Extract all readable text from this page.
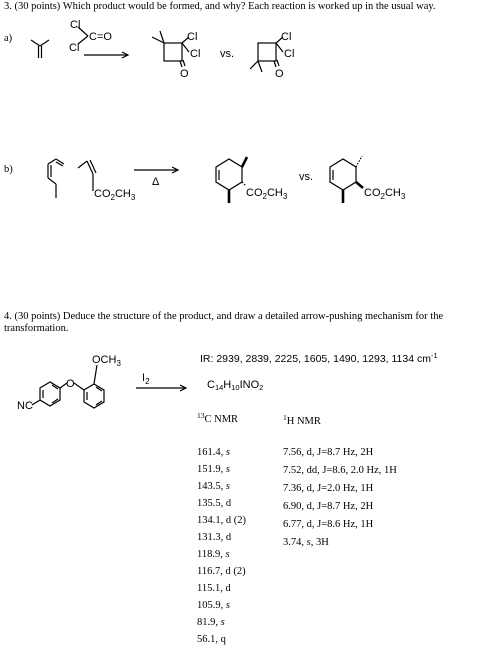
3. (30 points) Which product would be formed, and why? Each reaction is worked up in the usual way.
a)
b)
Cl
C=O
Cl
Cl
Cl
O
Cl
Cl
O
vs.
$CO_2CH_3$
Δ
$CO_2CH_3$
vs.
$CO_2CH_3$
$OCH_3$
O
NC
$I_2$
4. (30 points) Deduce the structure of the product, and draw a detailed arrow-pushing mechanism for the
transformation.
IR: 2939, 2839, 2225, 1605, 1490, 1293, 1134 $cm^{-1}$
$C_{14}H_{10}INO_2$
$^{13}$C NMR	$^1$H NMR
161.4, s
151.9, s
143.5, s
135.5, d
134.1, d (2)
131.3, d
118.9, s
116.7, d (2)
115.1, d
105.9, s
81.9, s
56.1, q
7.56, d, J=8.7 Hz, 2H
7.52, dd, J=8.6, 2.0 Hz, 1H
7.36, d, J=2.0 Hz, 1H
6.90, d, J=8.7 Hz, 2H
6.77, d, J=8.6 Hz, 1H
3.74, s, 3H
